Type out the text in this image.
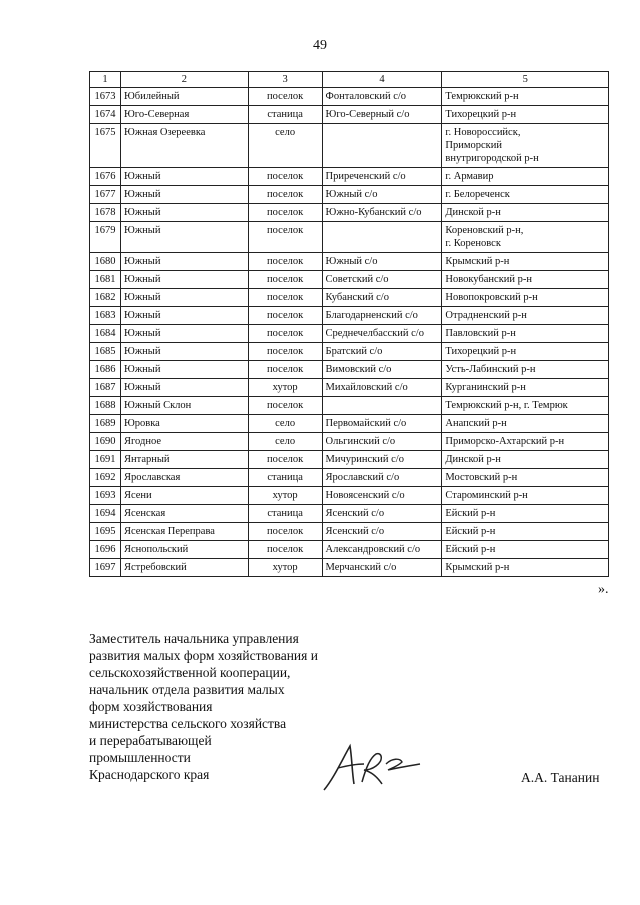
49
1	2	3	4	5
1673	Юбилейный	поселок	Фонталовский с/о	Темрюкский р-н

1674	Юго-Северная	станица	Юго-Северный с/о	Тихорецкий р-н

1675	Южная Озереевка	село		г. Новороссийск,
Приморский
внутригородской р-н

1676	Южный	поселок	Приреченский с/о	г. Армавир

1677	Южный	поселок	Южный с/о	г. Белореченск

1678	Южный	поселок	Южно-Кубанский с/о	Динской р-н

1679	Южный	поселок		Кореновский р-н,
г. Кореновск

1680	Южный	поселок	Южный с/о	Крымский р-н

1681	Южный	поселок	Советский с/о	Новокубанский р-н

1682	Южный	поселок	Кубанский с/о	Новопокровский р-н

1683	Южный	поселок	Благодарненский с/о	Отрадненский р-н

1684	Южный	поселок	Среднечелбасский с/о	Павловский р-н

1685	Южный	поселок	Братский с/о	Тихорецкий р-н

1686	Южный	поселок	Вимовский с/о	Усть-Лабинский р-н

1687	Южный	хутор	Михайловский с/о	Курганинский р-н

1688	Южный Склон	поселок		Темрюкский р-н, г. Темрюк

1689	Юровка	село	Первомайский с/о	Анапский р-н

1690	Ягодное	село	Ольгинский с/о	Приморско-Ахтарский р-н

1691	Янтарный	поселок	Мичуринский с/о	Динской р-н

1692	Ярославская	станица	Ярославский с/о	Мостовский р-н

1693	Ясени	хутор	Новоясенский с/о	Староминский р-н

1694	Ясенская	станица	Ясенский с/о	Ейский р-н

1695	Ясенская Переправа	поселок	Ясенский с/о	Ейский р-н

1696	Яснопольский	поселок	Александровский с/о	Ейский р-н

1697	Ястребовский	хутор	Мерчанский с/о	Крымский р-н
».
Заместитель начальника управления
развития малых форм хозяйствования и
сельскохозяйственной кооперации,
начальник отдела развития малых
форм хозяйствования
министерства сельского хозяйства
и перерабатывающей
промышленности
Краснодарского края	А.А. Тананин
